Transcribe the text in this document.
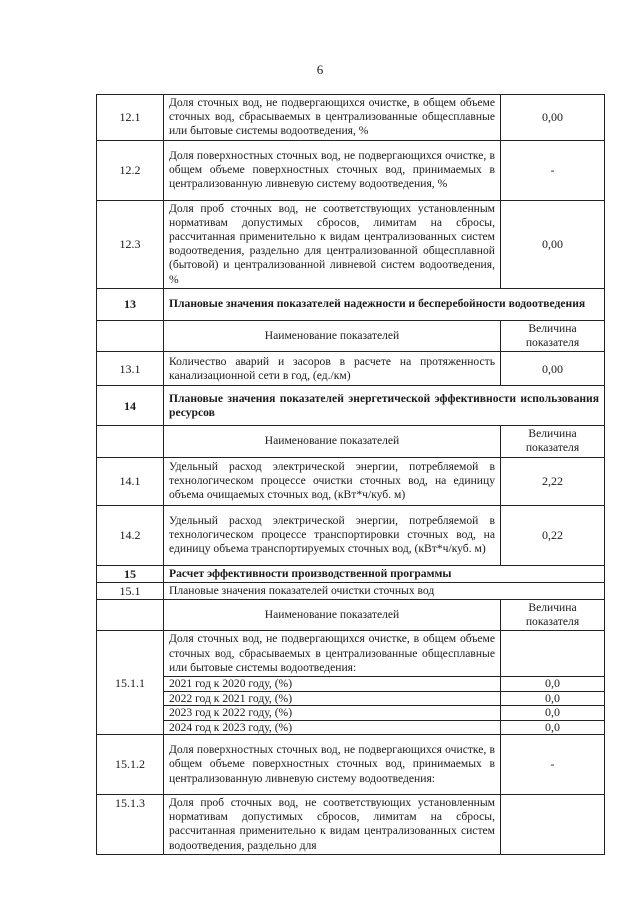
6
12.1	Доля сточных вод, не подвергающихся очистке, в общем объеме сточных вод, сбрасываемых в централизованные общесплавные или бытовые системы водоотведения, %	0,00
12.2	Доля поверхностных сточных вод, не подвергающихся очистке, в общем объеме поверхностных сточных вод, принимаемых в централизованную ливневую систему водоотведения, %	-
12.3	Доля проб сточных вод, не соответствующих установленным нормативам допустимых сбросов, лимитам на сбросы, рассчитанная применительно к видам централизованных систем водоотведения, раздельно для централизованной общесплавной (бытовой) и централизованной ливневой систем водоотведения, %	0,00
13	Плановые значения показателей надежности и бесперебойности водоотведения	
	Наименование показателей	Величина показателя
13.1	Количество аварий и засоров в расчете на протяженность канализационной сети в год, (ед./км)	0,00
14	Плановые значения показателей энергетической эффективности использования ресурсов	
	Наименование показателей	Величина показателя
14.1	Удельный расход электрической энергии, потребляемой в технологическом процессе очистки сточных вод, на единицу объема очищаемых сточных вод, (кВт*ч/куб. м)	2,22
14.2	Удельный расход электрической энергии, потребляемой в технологическом процессе транспортировки сточных вод, на единицу объема транспортируемых сточных вод, (кВт*ч/куб. м)	0,22
15	Расчет эффективности производственной программы	
15.1	Плановые значения показателей очистки сточных вод	
	Наименование показателей	Величина показателя
15.1.1	Доля сточных вод, не подвергающихся очистке, в общем объеме сточных вод, сбрасываемых в централизованные общесплавные или бытовые системы водоотведения:	
	2021 год к 2020 году, (%)	0,0
	2022 год к 2021 году, (%)	0,0
	2023 год к 2022 году, (%)	0,0
	2024 год к 2023 году, (%)	0,0
15.1.2	Доля поверхностных сточных вод, не подвергающихся очистке, в общем объеме поверхностных сточных вод, принимаемых в централизованную ливневую систему водоотведения:	-
15.1.3	Доля проб сточных вод, не соответствующих установленным нормативам допустимых сбросов, лимитам на сбросы, рассчитанная применительно к видам централизованных систем водоотведения, раздельно для	
